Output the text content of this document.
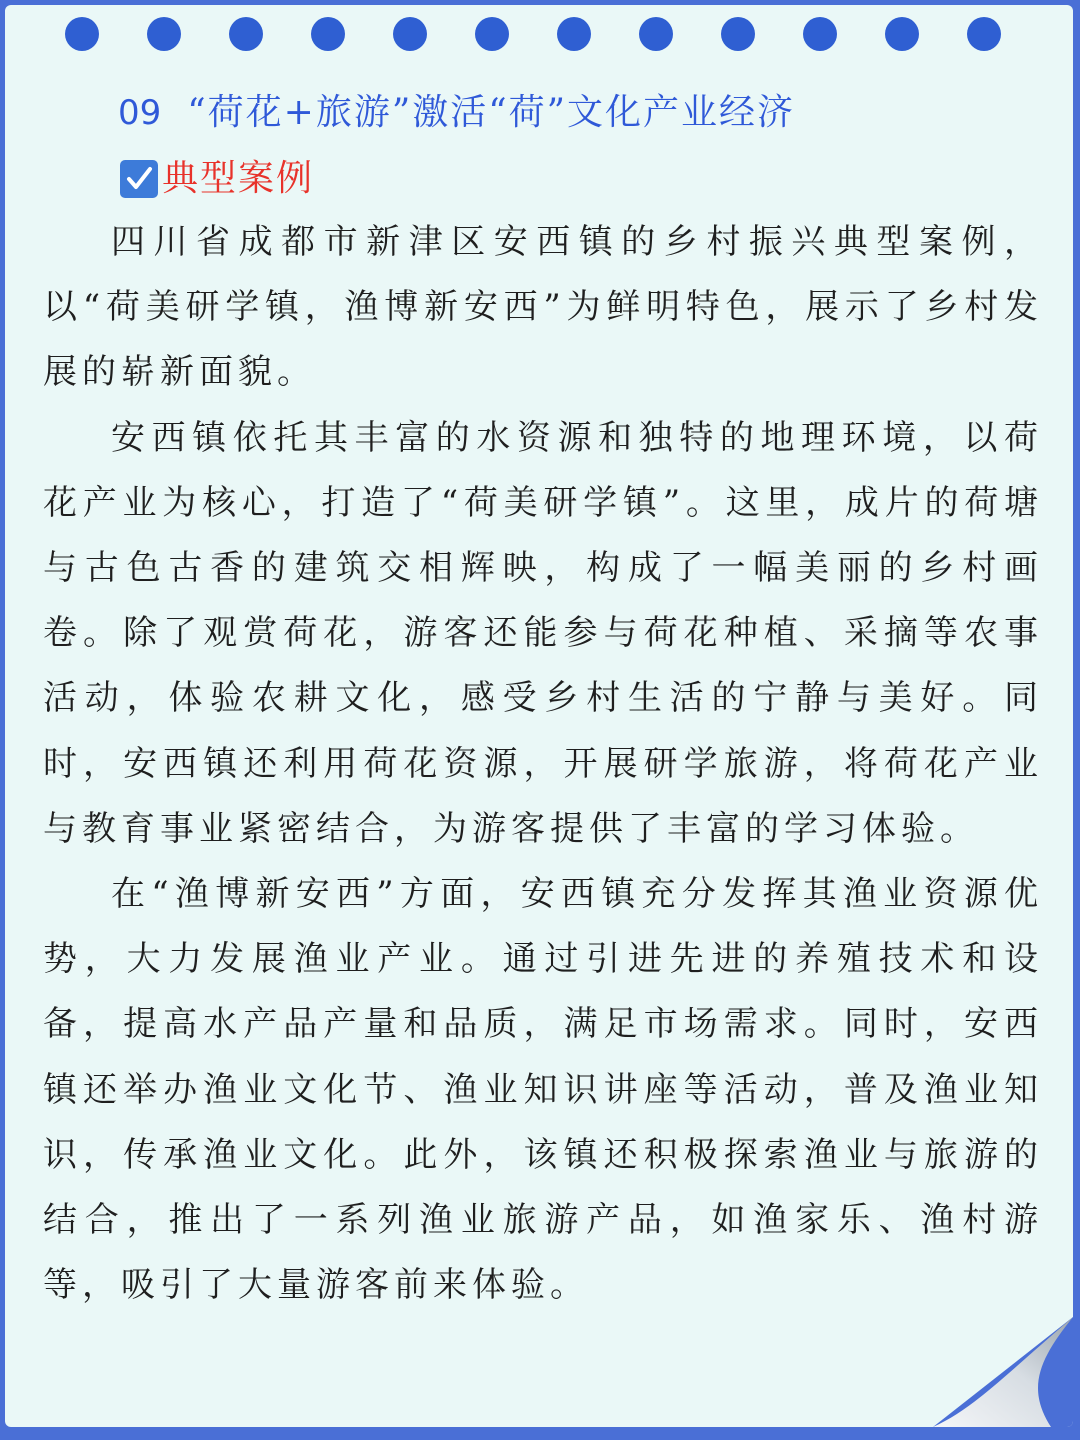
09 “荷花+旅游”激活“荷”文化产业经济
典型案例

四川省成都市新津区安西镇的乡村振兴典型案例，以“荷美研学镇，渔博新安西”为鲜明特色，展示了乡村发展的崭新面貌。

安西镇依托其丰富的水资源和独特的地理环境，以荷花产业为核心，打造了“荷美研学镇”。这里，成片的荷塘与古色古香的建筑交相辉映，构成了一幅美丽的乡村画卷。除了观赏荷花，游客还能参与荷花种植、采摘等农事活动，体验农耕文化，感受乡村生活的宁静与美好。同时，安西镇还利用荷花资源，开展研学旅游，将荷花产业与教育事业紧密结合，为游客提供了丰富的学习体验。

在“渔博新安西”方面，安西镇充分发挥其渔业资源优势，大力发展渔业产业。通过引进先进的养殖技术和设备，提高水产品产量和品质，满足市场需求。同时，安西镇还举办渔业文化节、渔业知识讲座等活动，普及渔业知识，传承渔业文化。此外，该镇还积极探索渔业与旅游的结合，推出了一系列渔业旅游产品，如渔家乐、渔村游等，吸引了大量游客前来体验。
